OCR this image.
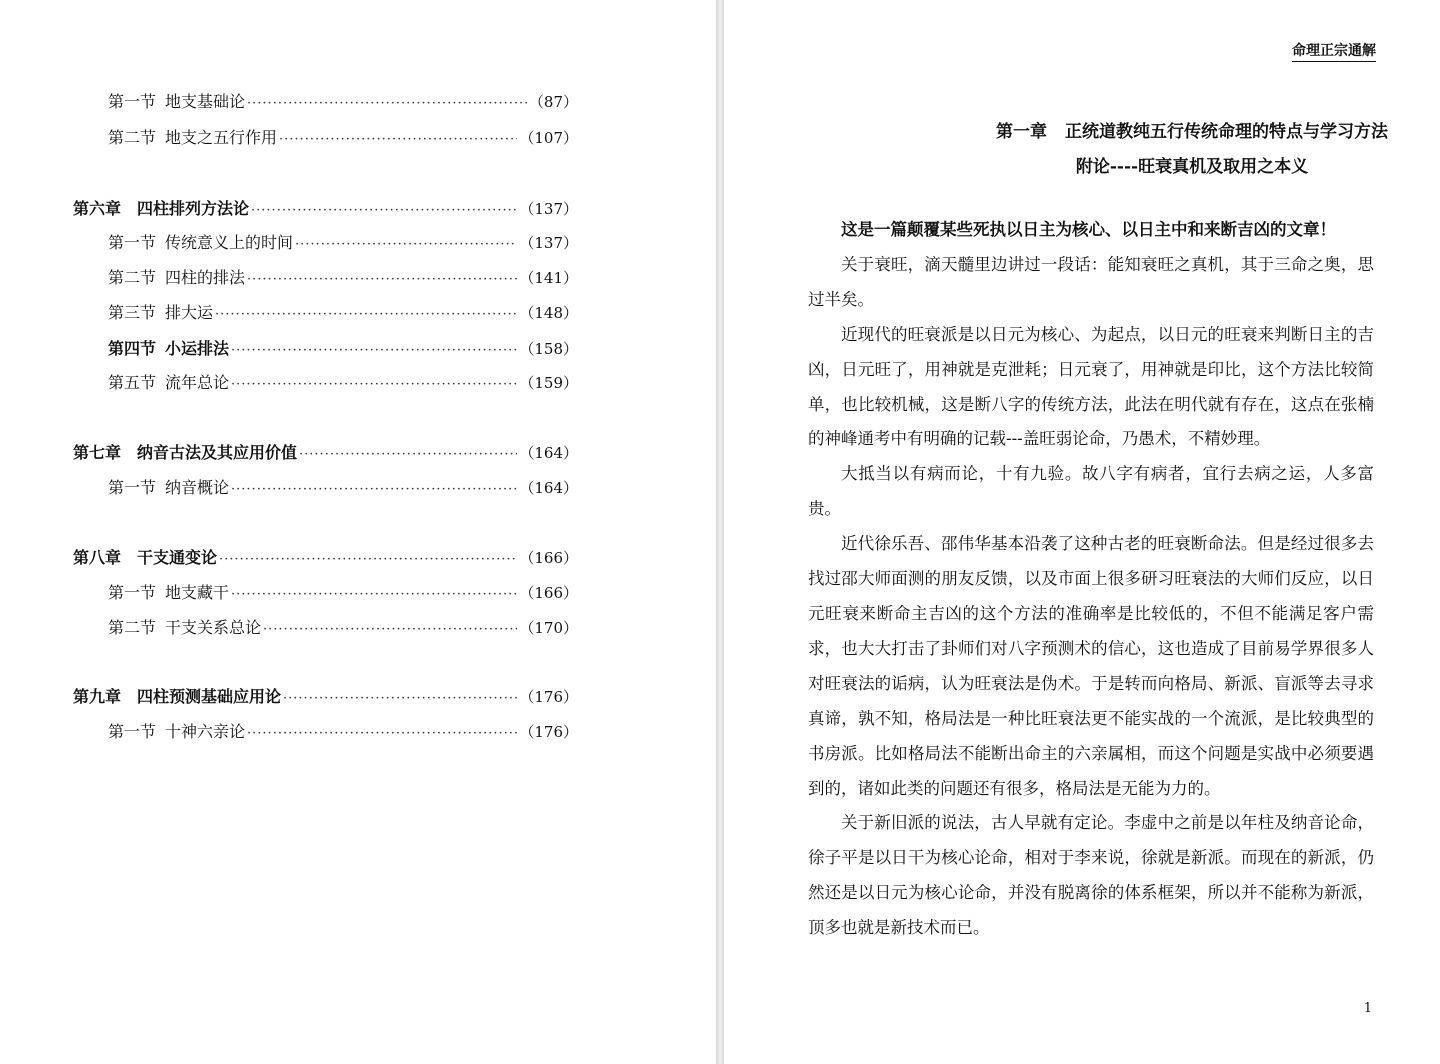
第一节 地支基础论 ·····	（87）
第二节 地支之五行作用 ·····	（107）
第六章 四柱排列方法论 ·····	（137）
第一节 传统意义上的时间 ·····	（137）
第二节 四柱的排法 ·····	（141）
第三节 排大运 ·····	（148）
第四节 小运排法 ·····	（158）
第五节 流年总论 ·····	（159）
第七章 纳音古法及其应用价值 ·····	（164）
第一节 纳音概论 ·····	（164）
第八章 干支通变论 ·····	（166）
第一节 地支藏干 ·····	（166）
第二节 干支关系总论 ·····	（170）
第九章 四柱预测基础应用论 ·····	（176）
第一节 十神六亲论 ·····	（176）
命理正宗通解
第一章 正统道教纯五行传统命理的特点与学习方法
附论----旺衰真机及取用之本义

这是一篇颠覆某些死执以日主为核心、以日主中和来断吉凶的文章！

关于衰旺，滴天髓里边讲过一段话：能知衰旺之真机，其于三命之奥，思过半矣。

近现代的旺衰派是以日元为核心、为起点，以日元的旺衰来判断日主的吉凶，日元旺了，用神就是克泄耗；日元衰了，用神就是印比，这个方法比较简单，也比较机械，这是断八字的传统方法，此法在明代就有存在，这点在张楠的神峰通考中有明确的记载---盖旺弱论命，乃愚术，不精妙理。

大抵当以有病而论，十有九验。故八字有病者，宜行去病之运，人多富贵。

近代徐乐吾、邵伟华基本沿袭了这种古老的旺衰断命法。但是经过很多去找过邵大师面测的朋友反馈，以及市面上很多研习旺衰法的大师们反应，以日元旺衰来断命主吉凶的这个方法的准确率是比较低的，不但不能满足客户需求，也大大打击了卦师们对八字预测术的信心，这也造成了目前易学界很多人对旺衰法的诟病，认为旺衰法是伪术。于是转而向格局、新派、盲派等去寻求真谛，孰不知，格局法是一种比旺衰法更不能实战的一个流派，是比较典型的书房派。比如格局法不能断出命主的六亲属相，而这个问题是实战中必须要遇到的，诸如此类的问题还有很多，格局法是无能为力的。

关于新旧派的说法，古人早就有定论。李虚中之前是以年柱及纳音论命，徐子平是以日干为核心论命，相对于李来说，徐就是新派。而现在的新派，仍然还是以日元为核心论命，并没有脱离徐的体系框架，所以并不能称为新派，顶多也就是新技术而已。

1
